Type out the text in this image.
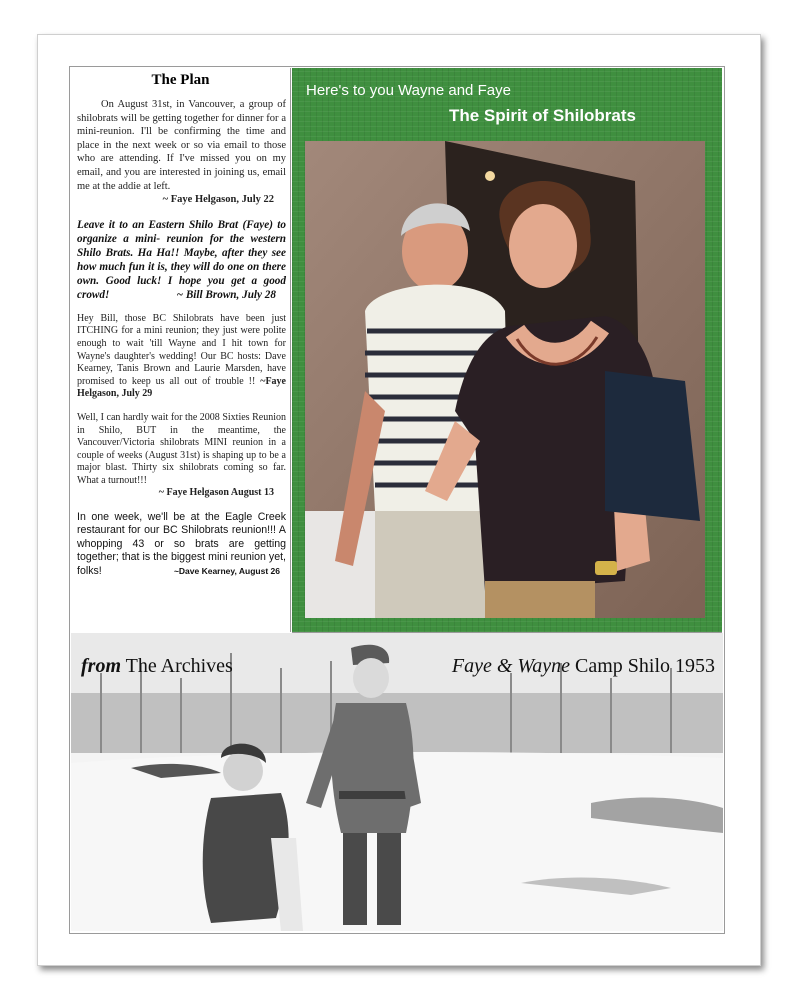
The Plan
On August 31st, in Vancouver, a group of shilobrats will be getting together for dinner for a mini-reunion. I'll be confirming the time and place in the next week or so via email to those who are attending. If I've missed you on my email, and you are interested in joining us, email me at the addie at left.
~ Faye Helgason, July 22
Leave it to an Eastern Shilo Brat (Faye) to organize a mini- reunion for the western Shilo Brats. Ha Ha!! Maybe, after they see how much fun it is, they will do one on there own. Good luck! I hope you get a good crowd!	~ Bill Brown, July 28
Hey Bill, those BC Shilobrats have been just ITCHING for a mini reunion; they just were polite enough to wait 'till Wayne and I hit town for Wayne's daughter's wedding! Our BC hosts: Dave Kearney, Tanis Brown and Laurie Marsden, have promised to keep us all out of trouble !! ~Faye Helgason, July 29
Well, I can hardly wait for the 2008 Sixties Reunion in Shilo, BUT in the meantime, the Vancouver/Victoria shilobrats MINI reunion in a couple of weeks (August 31st) is shaping up to be a major blast. Thirty six shilobrats coming so far. What a turnout!!!
~ Faye Helgason August 13
In one week, we'll be at the Eagle Creek restaurant for our BC Shilobrats reunion!!! A whopping 43 or so brats are getting together; that is the biggest mini reunion yet, folks!	~Dave Kearney, August 26
Here's to you Wayne and Faye
The Spirit of Shilobrats
from The Archives	Faye & Wayne Camp Shilo 1953
